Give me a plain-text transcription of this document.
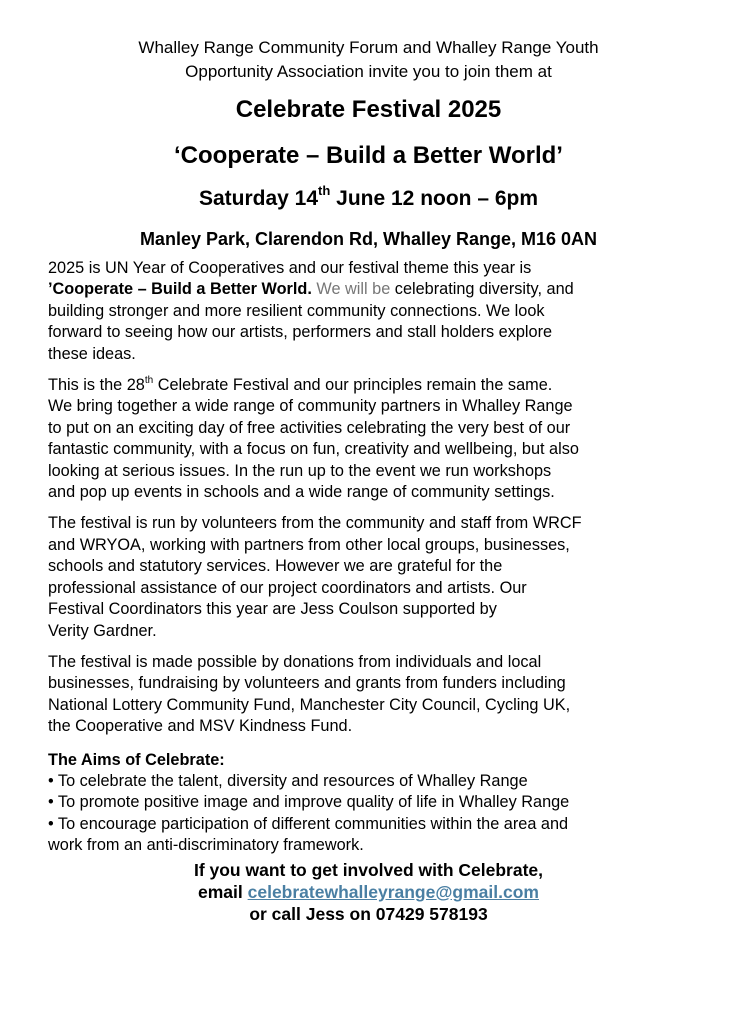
Whalley Range Community Forum and Whalley Range Youth
Opportunity Association invite you to join them at
Celebrate Festival 2025
‘Cooperate – Build a Better World’
Saturday 14th June 12 noon – 6pm
Manley Park, Clarendon Rd, Whalley Range, M16 0AN
2025 is UN Year of Cooperatives and our festival theme this year is
’Cooperate – Build a Better World. We will be celebrating diversity, and
building stronger and more resilient community connections. We look
forward to seeing how our artists, performers and stall holders explore
these ideas.
This is the 28th Celebrate Festival and our principles remain the same.
We bring together a wide range of community partners in Whalley Range
to put on an exciting day of free activities celebrating the very best of our
fantastic community, with a focus on fun, creativity and wellbeing, but also
looking at serious issues. In the run up to the event we run workshops
and pop up events in schools and a wide range of community settings.
The festival is run by volunteers from the community and staff from WRCF
and WRYOA, working with partners from other local groups, businesses,
schools and statutory services. However we are grateful for the
professional assistance of our project coordinators and artists. Our
Festival Coordinators this year are Jess Coulson supported by
Verity Gardner.
The festival is made possible by donations from individuals and local
businesses, fundraising by volunteers and grants from funders including
National Lottery Community Fund, Manchester City Council, Cycling UK,
the Cooperative and MSV Kindness Fund.
The Aims of Celebrate:
• To celebrate the talent, diversity and resources of Whalley Range
• To promote positive image and improve quality of life in Whalley Range
• To encourage participation of different communities within the area and
work from an anti-discriminatory framework.
If you want to get involved with Celebrate,
email celebratewhalleyrange@gmail.com
or call Jess on 07429 578193
